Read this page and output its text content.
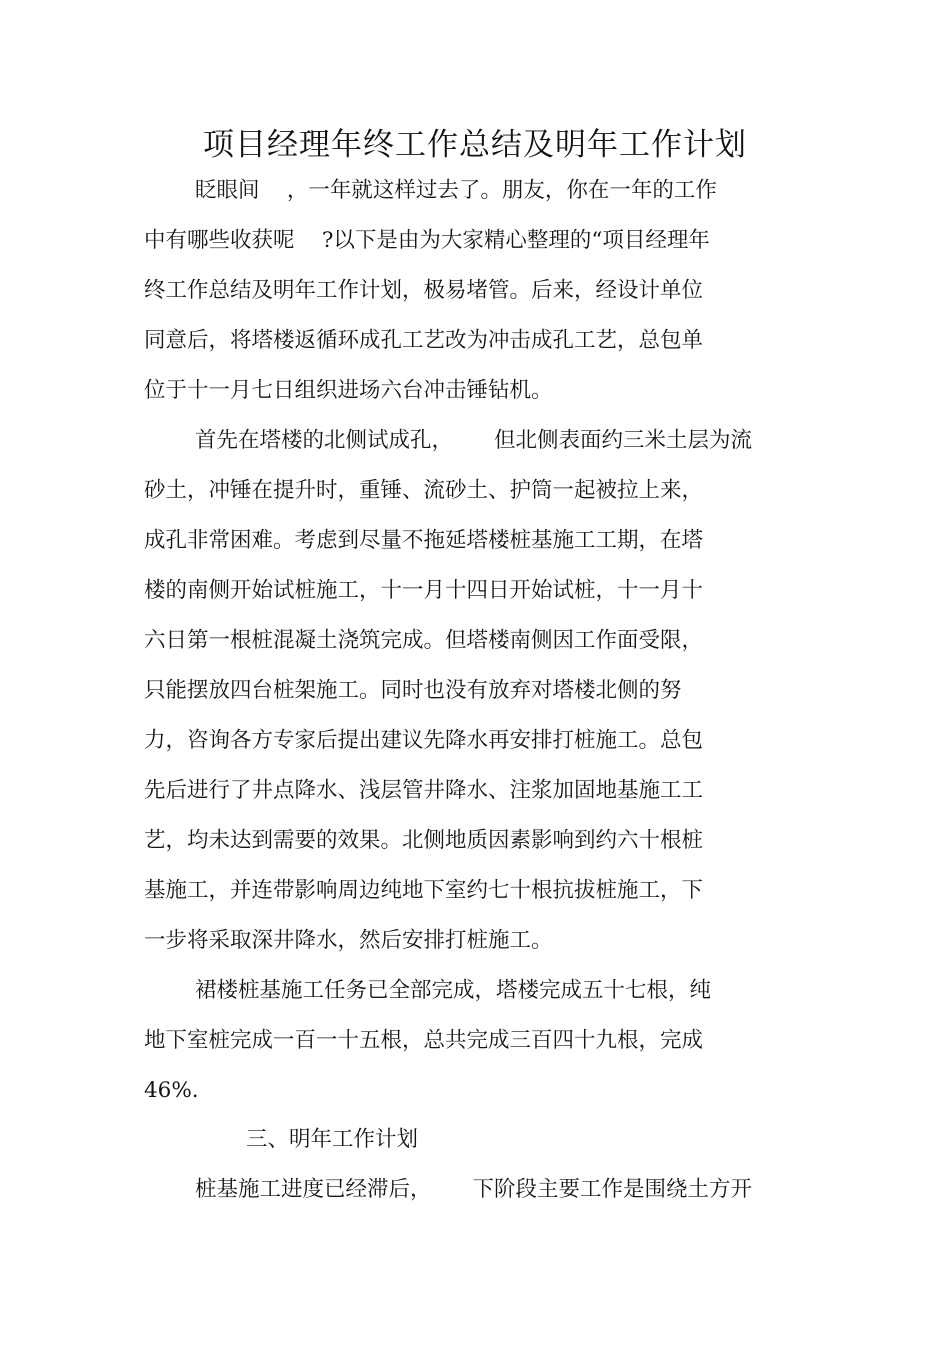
项目经理年终工作总结及明年工作计划
眨眼间    ，一年就这样过去了。朋友，你在一年的工作
中有哪些收获呢    ?以下是由为大家精心整理的“项目经理年
终工作总结及明年工作计划，极易堵管。后来，经设计单位
同意后，将塔楼返循环成孔工艺改为冲击成孔工艺，总包单
位于十一月七日组织进场六台冲击锤钻机。
首先在塔楼的北侧试成孔，      但北侧表面约三米土层为流
砂土，冲锤在提升时，重锤、流砂土、护筒一起被拉上来，
成孔非常困难。考虑到尽量不拖延塔楼桩基施工工期，在塔
楼的南侧开始试桩施工，十一月十四日开始试桩，十一月十
六日第一根桩混凝土浇筑完成。但塔楼南侧因工作面受限，
只能摆放四台桩架施工。同时也没有放弃对塔楼北侧的努
力，咨询各方专家后提出建议先降水再安排打桩施工。总包
先后进行了井点降水、浅层管井降水、注浆加固地基施工工
艺，均未达到需要的效果。北侧地质因素影响到约六十根桩
基施工，并连带影响周边纯地下室约七十根抗拔桩施工，下
一步将采取深井降水，然后安排打桩施工。
裙楼桩基施工任务已全部完成，塔楼完成五十七根，纯
地下室桩完成一百一十五根，总共完成三百四十九根，完成
46%.
三、明年工作计划
桩基施工进度已经滞后，      下阶段主要工作是围绕土方开
